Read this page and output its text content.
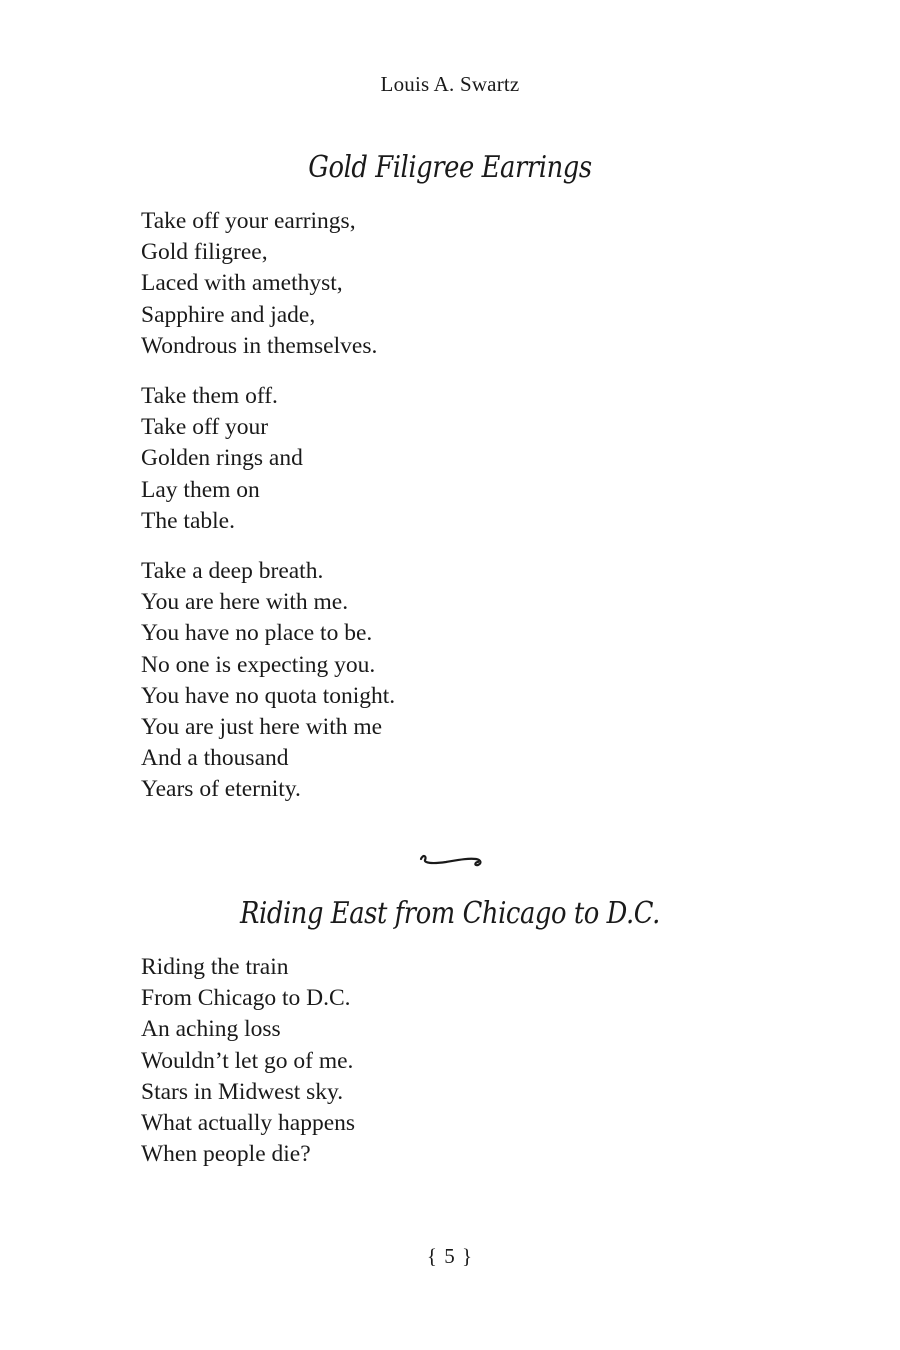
Louis A. Swartz
Gold Filigree Earrings
Take off your earrings,
Gold filigree,
Laced with amethyst,
Sapphire and jade,
Wondrous in themselves.
Take them off.
Take off your
Golden rings and
Lay them on
The table.
Take a deep breath.
You are here with me.
You have no place to be.
No one is expecting you.
You have no quota tonight.
You are just here with me
And a thousand
Years of eternity.
Riding East from Chicago to D.C.
Riding the train
From Chicago to D.C.
An aching loss
Wouldn’t let go of me.
Stars in Midwest sky.
What actually happens
When people die?
{ 5 }
